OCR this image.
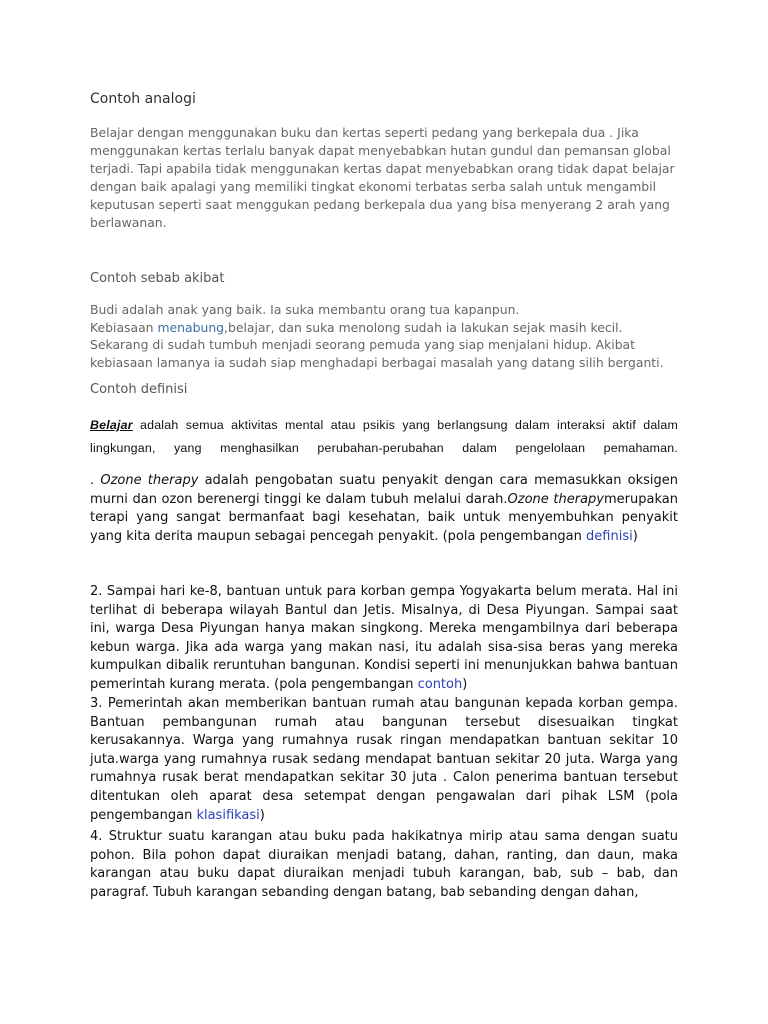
Contoh analogi

Belajar dengan menggunakan buku dan kertas seperti pedang yang berkepala dua . Jika menggunakan kertas terlalu banyak dapat menyebabkan hutan gundul dan pemansan global terjadi. Tapi apabila tidak menggunakan kertas dapat menyebabkan orang tidak dapat belajar dengan baik apalagi yang memiliki tingkat ekonomi terbatas serba salah untuk mengambil keputusan seperti saat menggukan pedang berkepala dua yang bisa menyerang 2 arah yang berlawanan.

Contoh sebab akibat
Budi adalah anak yang baik. Ia suka membantu orang tua kapanpun.
Kebiasaan menabung,belajar, dan suka menolong sudah ia lakukan sejak masih kecil.
Sekarang di sudah tumbuh menjadi seorang pemuda yang siap menjalani hidup. Akibat kebiasaan lamanya ia sudah siap menghadapi berbagai masalah yang datang silih berganti.
Contoh definisi

Belajar adalah semua aktivitas mental atau psikis yang berlangsung dalam interaksi aktif dalam lingkungan, yang menghasilkan perubahan-perubahan dalam pengelolaan pemahaman.

. Ozone therapy adalah pengobatan suatu penyakit dengan cara memasukkan oksigen murni dan ozon berenergi tinggi ke dalam tubuh melalui darah.Ozone therapymerupakan terapi yang sangat bermanfaat bagi kesehatan, baik untuk menyembuhkan penyakit yang kita derita maupun sebagai pencegah penyakit. (pola pengembangan definisi)

2. Sampai hari ke-8, bantuan untuk para korban gempa Yogyakarta belum merata. Hal ini terlihat di beberapa wilayah Bantul dan Jetis. Misalnya, di Desa Piyungan. Sampai saat ini, warga Desa Piyungan hanya makan singkong. Mereka mengambilnya dari beberapa kebun warga. Jika ada warga yang makan nasi, itu adalah sisa-sisa beras yang mereka kumpulkan dibalik reruntuhan bangunan. Kondisi seperti ini menunjukkan bahwa bantuan pemerintah kurang merata. (pola pengembangan contoh)

3. Pemerintah akan memberikan bantuan rumah atau bangunan kepada korban gempa. Bantuan pembangunan rumah atau bangunan tersebut disesuaikan tingkat kerusakannya. Warga yang rumahnya rusak ringan mendapatkan bantuan sekitar 10 juta.warga yang rumahnya rusak sedang mendapat bantuan sekitar 20 juta. Warga yang rumahnya rusak berat mendapatkan sekitar 30 juta . Calon penerima bantuan tersebut ditentukan oleh aparat desa setempat dengan pengawalan dari pihak LSM (pola pengembangan klasifikasi)

4. Struktur suatu karangan atau buku pada hakikatnya mirip atau sama dengan suatu pohon. Bila pohon dapat diuraikan menjadi batang, dahan, ranting, dan daun, maka karangan atau buku dapat diuraikan menjadi tubuh karangan, bab, sub – bab, dan paragraf. Tubuh karangan sebanding dengan batang, bab sebanding dengan dahan,
